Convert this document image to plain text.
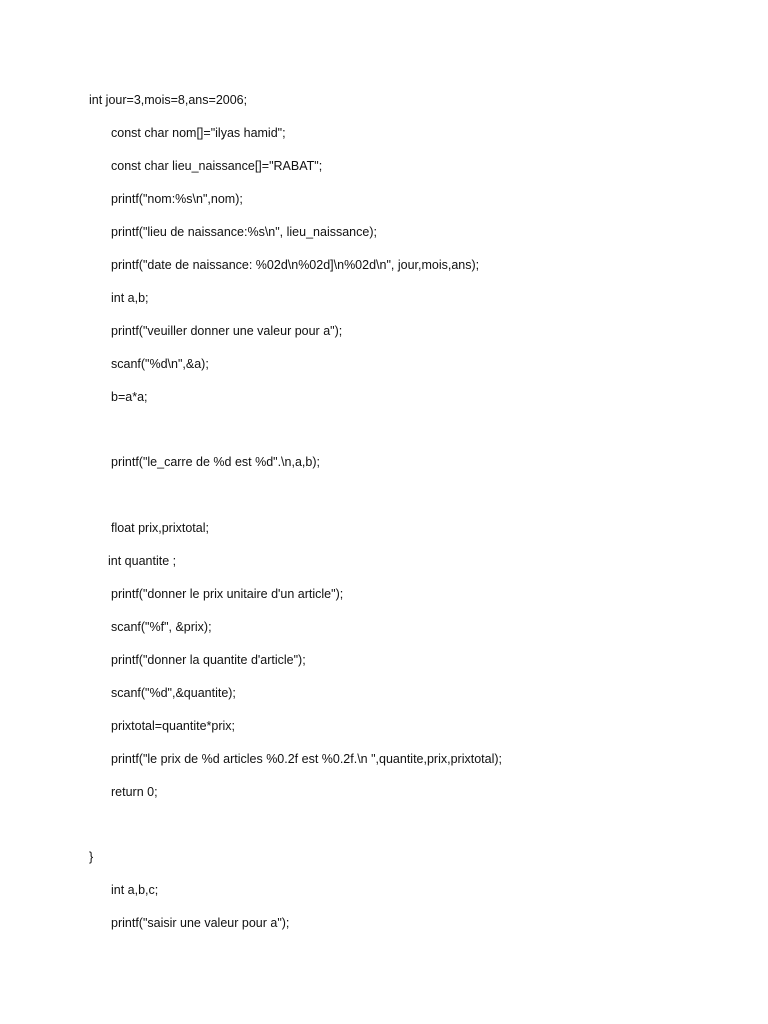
int jour=3,mois=8,ans=2006;
const char nom[]="ilyas hamid";
const char lieu_naissance[]="RABAT";
printf("nom:%s\n",nom);
printf("lieu de naissance:%s\n", lieu_naissance);
printf("date de naissance: %02d\n%02d]\n%02d\n", jour,mois,ans);
int a,b;
printf("veuiller donner une valeur pour a");
scanf("%d\n",&a);
b=a*a;
printf("le_carre de %d est %d".\n,a,b);
float prix,prixtotal;
int quantite ;
printf("donner le prix unitaire d'un article");
scanf("%f", &prix);
printf("donner la quantite d'article");
scanf("%d",&quantite);
prixtotal=quantite*prix;
printf("le prix de %d articles %0.2f est %0.2f.\n ",quantite,prix,prixtotal);
return 0;
}
int a,b,c;
printf("saisir une valeur pour a");
